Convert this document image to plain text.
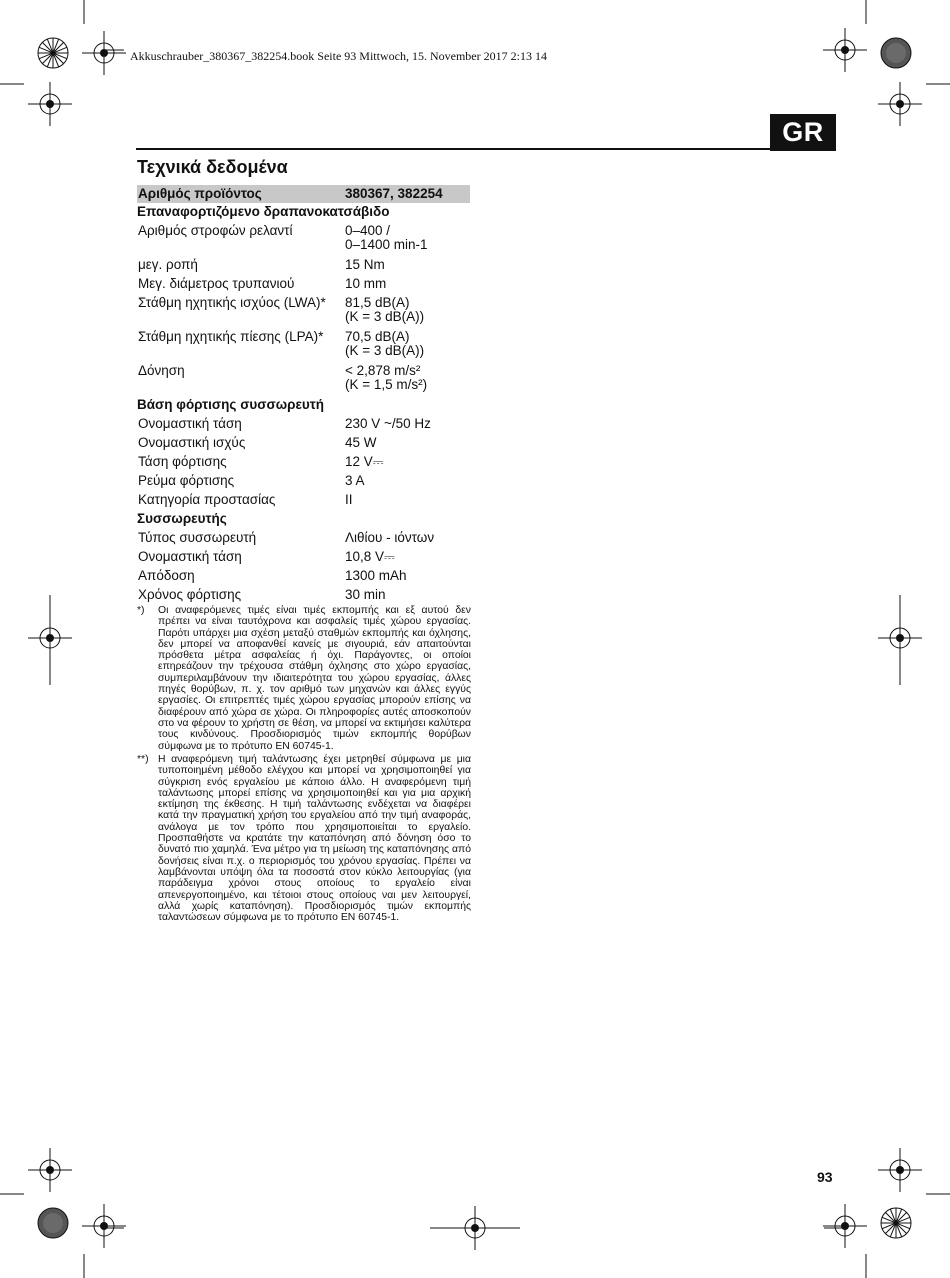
Akkuschrauber_380367_382254.book Seite 93 Mittwoch, 15. November 2017 2:13 14
GR
Τεχνικά δεδομένα
Αριθμός προϊόντος	380367, 382254
Επαναφορτιζόμενο δραπανοκατσάβιδο
Αριθμός στροφών ρελαντί	0–400 /
0–1400 min-1
μεγ. ροπή	15 Nm
Μεγ. διάμετρος τρυπανιού	10 mm
Στάθμη ηχητικής ισχύος (LWA)*	81,5 dB(A)
(K = 3 dB(A))
Στάθμη ηχητικής πίεσης (LPA)*	70,5 dB(A)
(K = 3 dB(A))
Δόνηση	< 2,878 m/s²
(K = 1,5 m/s²)
Βάση φόρτισης συσσωρευτή
Ονομαστική τάση	230 V ~/50 Hz
Ονομαστική ισχύς	45 W
Τάση φόρτισης	12 V⎓
Ρεύμα φόρτισης	3 A
Κατηγορία προστασίας	II
Συσσωρευτής
Τύπος συσσωρευτή	Λιθίου - ιόντων
Ονομαστική τάση	10,8 V⎓
Απόδοση	1300 mAh
Χρόνος φόρτισης	30 min
*)	Οι αναφερόμενες τιμές είναι τιμές εκπομπής και εξ αυτού δεν πρέπει να είναι ταυτόχρονα και ασφαλείς τιμές χώρου εργασίας. Παρότι υπάρχει μια σχέση μεταξύ σταθμών εκπομπής και όχλησης, δεν μπορεί να αποφανθεί κανείς με σιγουριά, εάν απαιτούνται πρόσθετα μέτρα ασφαλείας ή όχι. Παράγοντες, οι οποίοι επηρεάζουν την τρέχουσα στάθμη όχλησης στο χώρο εργασίας, συμπεριλαμβάνουν την ιδιαιτερότητα του χώρου εργασίας, άλλες πηγές θορύβων, π. χ. τον αριθμό των μηχανών και άλλες εγγύς εργασίες. Οι επιτρεπτές τιμές χώρου εργασίας μπορούν επίσης να διαφέρουν από χώρα σε χώρα. Οι πληροφορίες αυτές αποσκοπούν στο να φέρουν το χρήστη σε θέση, να μπορεί να εκτιμήσει καλύτερα τους κινδύνους. Προσδιορισμός τιμών εκπομπής θορύβων σύμφωνα με το πρότυπο EN 60745-1.
**) Η αναφερόμενη τιμή ταλάντωσης έχει μετρηθεί σύμφωνα με μια τυποποιημένη μέθοδο ελέγχου και μπορεί να χρησιμοποιηθεί για σύγκριση ενός εργαλείου με κάποιο άλλο. Η αναφερόμενη τιμή ταλάντωσης μπορεί επίσης να χρησιμοποιηθεί και για μια αρχική εκτίμηση της έκθεσης. Η τιμή ταλάντωσης ενδέχεται να διαφέρει κατά την πραγματική χρήση του εργαλείου από την τιμή αναφοράς, ανάλογα με τον τρόπο που χρησιμοποιείται το εργαλείο. Προσπαθήστε να κρατάτε την καταπόνηση από δόνηση όσο το δυνατό πιο χαμηλά. Ένα μέτρο για τη μείωση της καταπόνησης από δονήσεις είναι π.χ. ο περιορισμός του χρόνου εργασίας. Πρέπει να λαμβάνονται υπόψη όλα τα ποσοστά στον κύκλο λειτουργίας (για παράδειγμα χρόνοι στους οποίους το εργαλείο είναι απενεργοποιημένο, και τέτοιοι στους οποίους ναι μεν λειτουργεί, αλλά χωρίς καταπόνηση). Προσδιορισμός τιμών εκπομπής ταλαντώσεων σύμφωνα με το πρότυπο EN 60745-1.
93
